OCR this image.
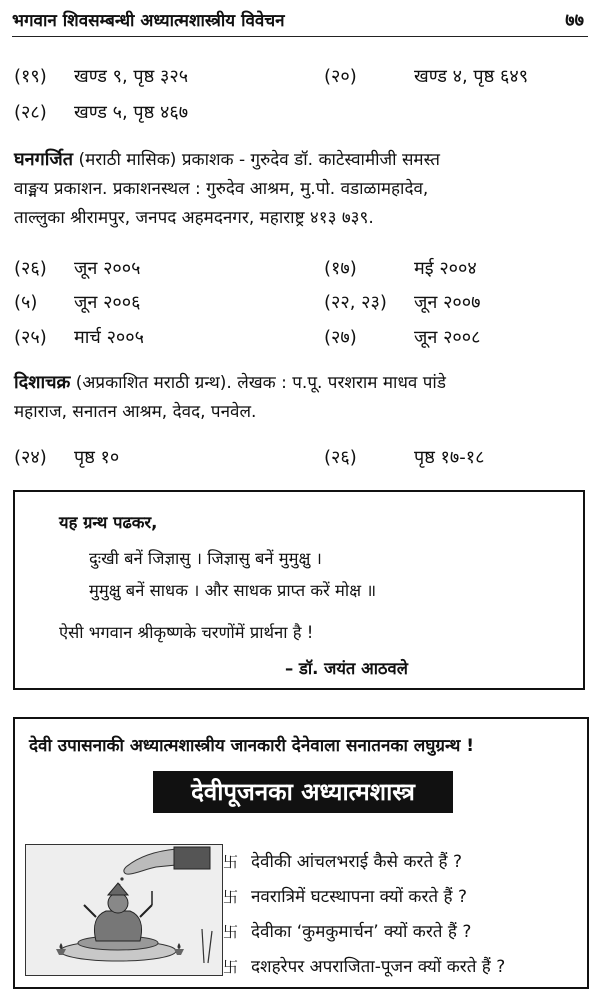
भगवान शिवसम्बन्धी अध्यात्मशास्त्रीय विवेचन	७७
(१९) खण्ड ९, पृष्ठ ३२५	(२०)	खण्ड ४, पृष्ठ ६४९
(२८) खण्ड ५, पृष्ठ ४६७
घनगर्जित (मराठी मासिक) प्रकाशक - गुरुदेव डॉ. काटेस्वामीजी समस्त
वाङ्मय प्रकाशन. प्रकाशनस्थल : गुरुदेव आश्रम, मु.पो. वडाळामहादेव,
ताल्लुका श्रीरामपुर, जनपद अहमदनगर, महाराष्ट्र ४१३ ७३९.
(२६) जून २००५	(१७)	मई २००४
(५) जून २००६	(२२, २३) जून २००७
(२५) मार्च २००५	(२७)	जून २००८
दिशाचक्र (अप्रकाशित मराठी ग्रन्थ). लेखक : प.पू. परशराम माधव पांडे
महाराज, सनातन आश्रम, देवद, पनवेल.
(२४) पृष्ठ १०	(२६)	पृष्ठ १७-१८
यह ग्रन्थ पढकर,
दुःखी बनें जिज्ञासु । जिज्ञासु बनें मुमुक्षु ।
मुमुक्षु बनें साधक । और साधक प्राप्त करें मोक्ष ॥
ऐसी भगवान श्रीकृष्णके चरणोंमें प्रार्थना है !
– डॉ. जयंत आठवले
देवी उपासनाकी अध्यात्मशास्त्रीय जानकारी देनेवाला सनातनका लघुग्रन्थ !
देवीपूजनका अध्यात्मशास्त्र
卐 देवीकी आंचलभराई कैसे करते हैं ?
卐 नवरात्रिमें घटस्थापना क्यों करते हैं ?
卐 देवीका ‘कुमकुमार्चन’ क्यों करते हैं ?
卐 दशहरेपर अपराजिता-पूजन क्यों करते हैं ?
